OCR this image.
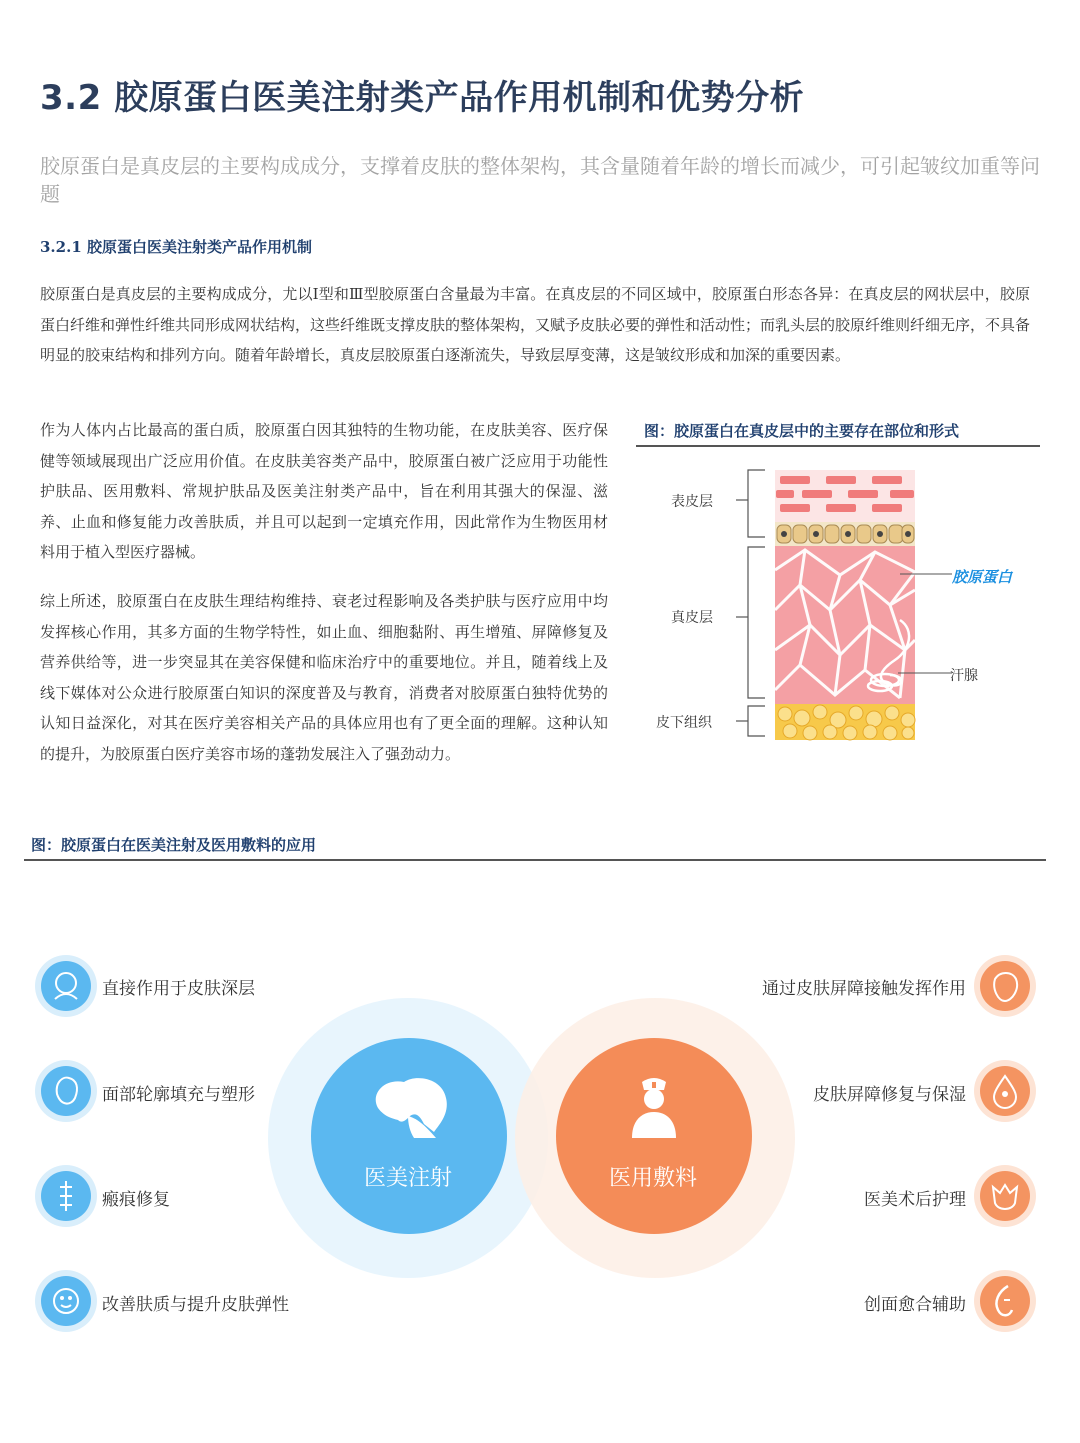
3.2 胶原蛋白医美注射类产品作用机制和优势分析
胶原蛋白是真皮层的主要构成成分，支撑着皮肤的整体架构，其含量随着年龄的增长而减少，可引起皱纹加重等问题
3.2.1 胶原蛋白医美注射类产品作用机制
胶原蛋白是真皮层的主要构成成分，尤以Ⅰ型和Ⅲ型胶原蛋白含量最为丰富。在真皮层的不同区域中，胶原蛋白形态各异：在真皮层的网状层中，胶原蛋白纤维和弹性纤维共同形成网状结构，这些纤维既支撑皮肤的整体架构，又赋予皮肤必要的弹性和活动性；而乳头层的胶原纤维则纤细无序，不具备明显的胶束结构和排列方向。随着年龄增长，真皮层胶原蛋白逐渐流失，导致层厚变薄，这是皱纹形成和加深的重要因素。
作为人体内占比最高的蛋白质，胶原蛋白因其独特的生物功能，在皮肤美容、医疗保健等领域展现出广泛应用价值。在皮肤美容类产品中，胶原蛋白被广泛应用于功能性护肤品、医用敷料、常规护肤品及医美注射类产品中，旨在利用其强大的保湿、滋养、止血和修复能力改善肤质，并且可以起到一定填充作用，因此常作为生物医用材料用于植入型医疗器械。
综上所述，胶原蛋白在皮肤生理结构维持、衰老过程影响及各类护肤与医疗应用中均发挥核心作用，其多方面的生物学特性，如止血、细胞黏附、再生增殖、屏障修复及营养供给等，进一步突显其在美容保健和临床治疗中的重要地位。并且，随着线上及线下媒体对公众进行胶原蛋白知识的深度普及与教育，消费者对胶原蛋白独特优势的认知日益深化，对其在医疗美容相关产品的具体应用也有了更全面的理解。这种认知的提升，为胶原蛋白医疗美容市场的蓬勃发展注入了强劲动力。
图：胶原蛋白在真皮层中的主要存在部位和形式
表皮层
真皮层
皮下组织
胶原蛋白
汗腺
图：胶原蛋白在医美注射及医用敷料的应用
医美注射	医用敷料
直接作用于皮肤深层
面部轮廓填充与塑形
瘢痕修复
改善肤质与提升皮肤弹性
通过皮肤屏障接触发挥作用
皮肤屏障修复与保湿
医美术后护理
创面愈合辅助
